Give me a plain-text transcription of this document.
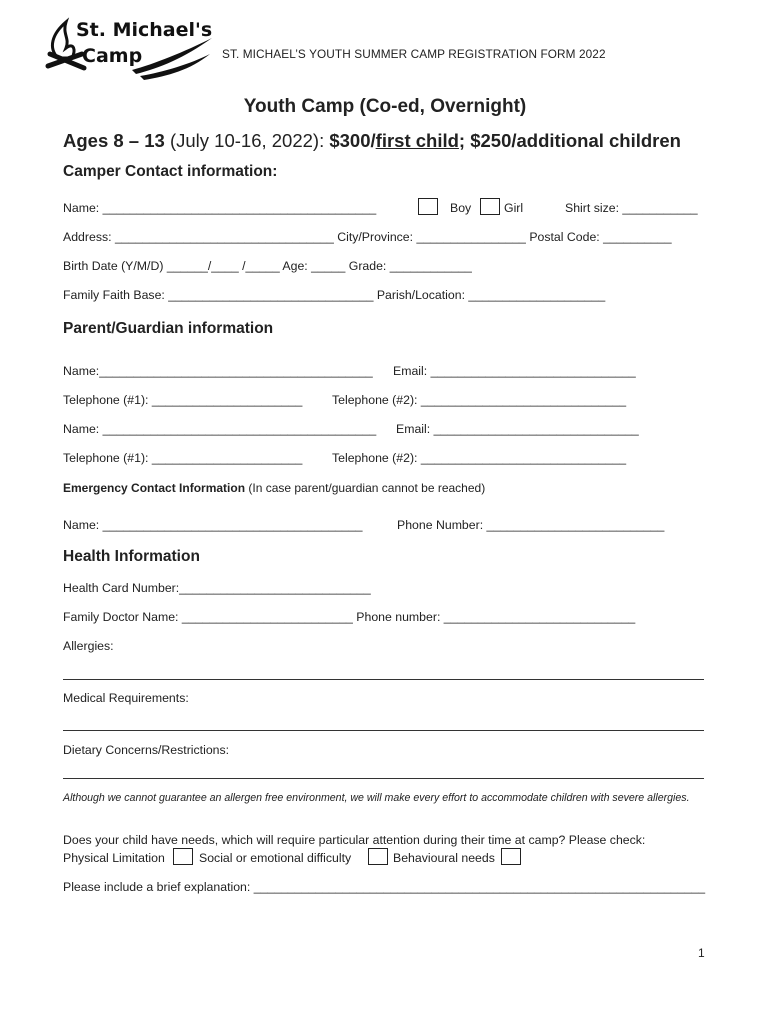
St. Michael's
Camp	ST. MICHAEL’S YOUTH SUMMER CAMP REGISTRATION FORM 2022
Youth Camp (Co-ed, Overnight)
Ages 8 – 13 (July 10-16, 2022): $300/first child; $250/additional children
Camper Contact information:
Name: ________________________________________	Boy	Girl	Shirt size: ___________
Address: ________________________________ City/Province: ________________ Postal Code: __________
Birth Date (Y/M/D) ______/____ /_____ Age: _____ Grade: ____________
Family Faith Base: ______________________________ Parish/Location: ____________________
Parent/Guardian information
Name:________________________________________ Email: ______________________________
Telephone (#1): ______________________ Telephone (#2): ______________________________
Name: ________________________________________ Email: ______________________________
Telephone (#1): ______________________ Telephone (#2): ______________________________
Emergency Contact Information (In case parent/guardian cannot be reached)
Name: ______________________________________	Phone Number: __________________________
Health Information
Health Card Number:____________________________
Family Doctor Name: _________________________ Phone number: ____________________________
Allergies:
Medical Requirements:
Dietary Concerns/Restrictions:
Although we cannot guarantee an allergen free environment, we will make every effort to accommodate children with severe allergies.
Does your child have needs, which will require particular attention during their time at camp? Please check:
Physical Limitation	Social or emotional difficulty	Behavioural needs
Please include a brief explanation: __________________________________________________________________
1
